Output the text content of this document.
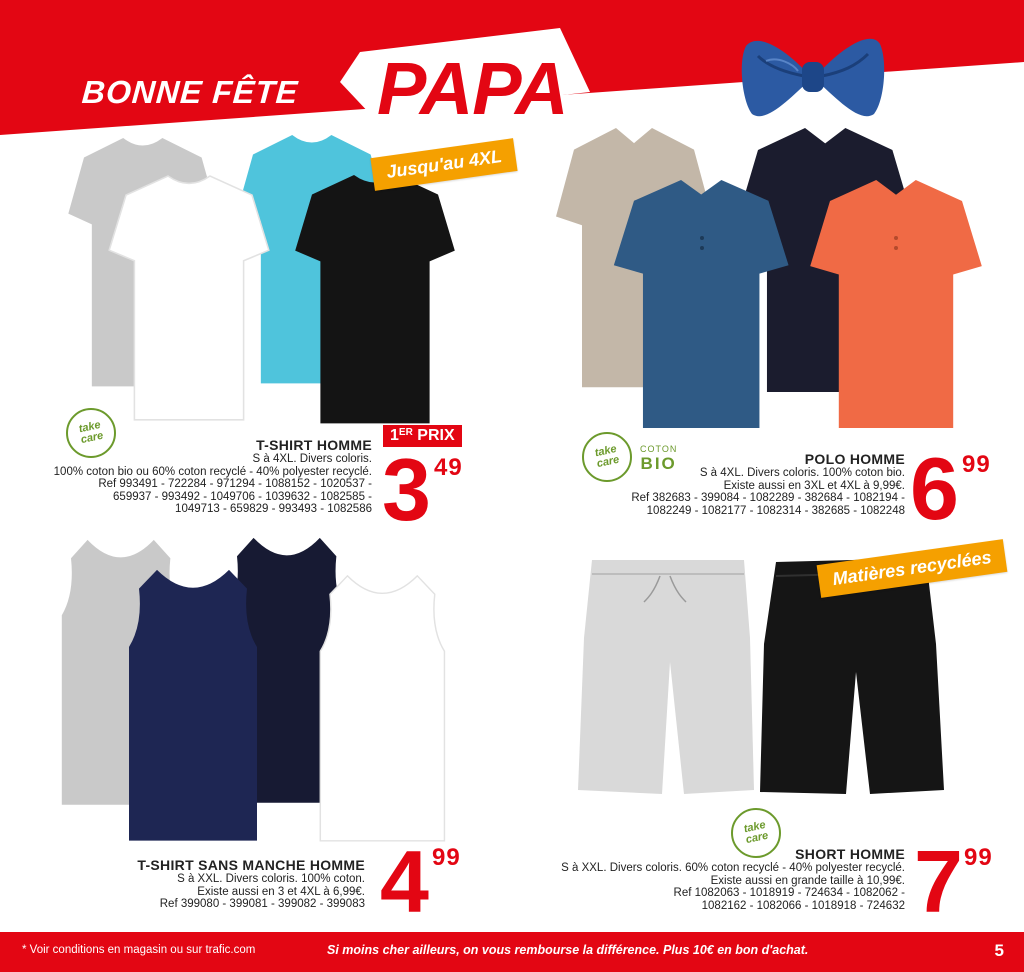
BONNE FÊTE PAPA
Jusqu'au 4XL
take care	T-SHIRT HOMME
S à 4XL. Divers coloris.
100% coton bio ou 60% coton recyclé - 40% polyester recyclé.
Ref 993491 - 722284 - 971294 - 1088152 - 1020537 -
659937 - 993492 - 1049706 - 1039632 - 1082585 -
1049713 - 659829 - 993493 - 1082586
1ER PRIX
3 49
take care
COTON
BIO	POLO HOMME
S à 4XL. Divers coloris. 100% coton bio.
Existe aussi en 3XL et 4XL à 9,99€.
Ref 382683 - 399084 - 1082289 - 382684 - 1082194 -
1082249 - 1082177 - 1082314 - 382685 - 1082248 6 99
T-SHIRT SANS MANCHE HOMME
S à XXL. Divers coloris. 100% coton.
Existe aussi en 3 et 4XL à 6,99€.
Ref 399080 - 399081 - 399082 - 399083 4 99
Matières recyclées
take care
SHORT HOMME
S à XXL. Divers coloris. 60% coton recyclé - 40% polyester recyclé.
Existe aussi en grande taille à 10,99€.
Ref 1082063 - 1018919 - 724634 - 1082062 -
1082162 - 1082066 - 1018918 - 724632 7 99
* Voir conditions en magasin ou sur trafic.com	Si moins cher ailleurs, on vous rembourse la différence. Plus 10€ en bon d'achat.	5
